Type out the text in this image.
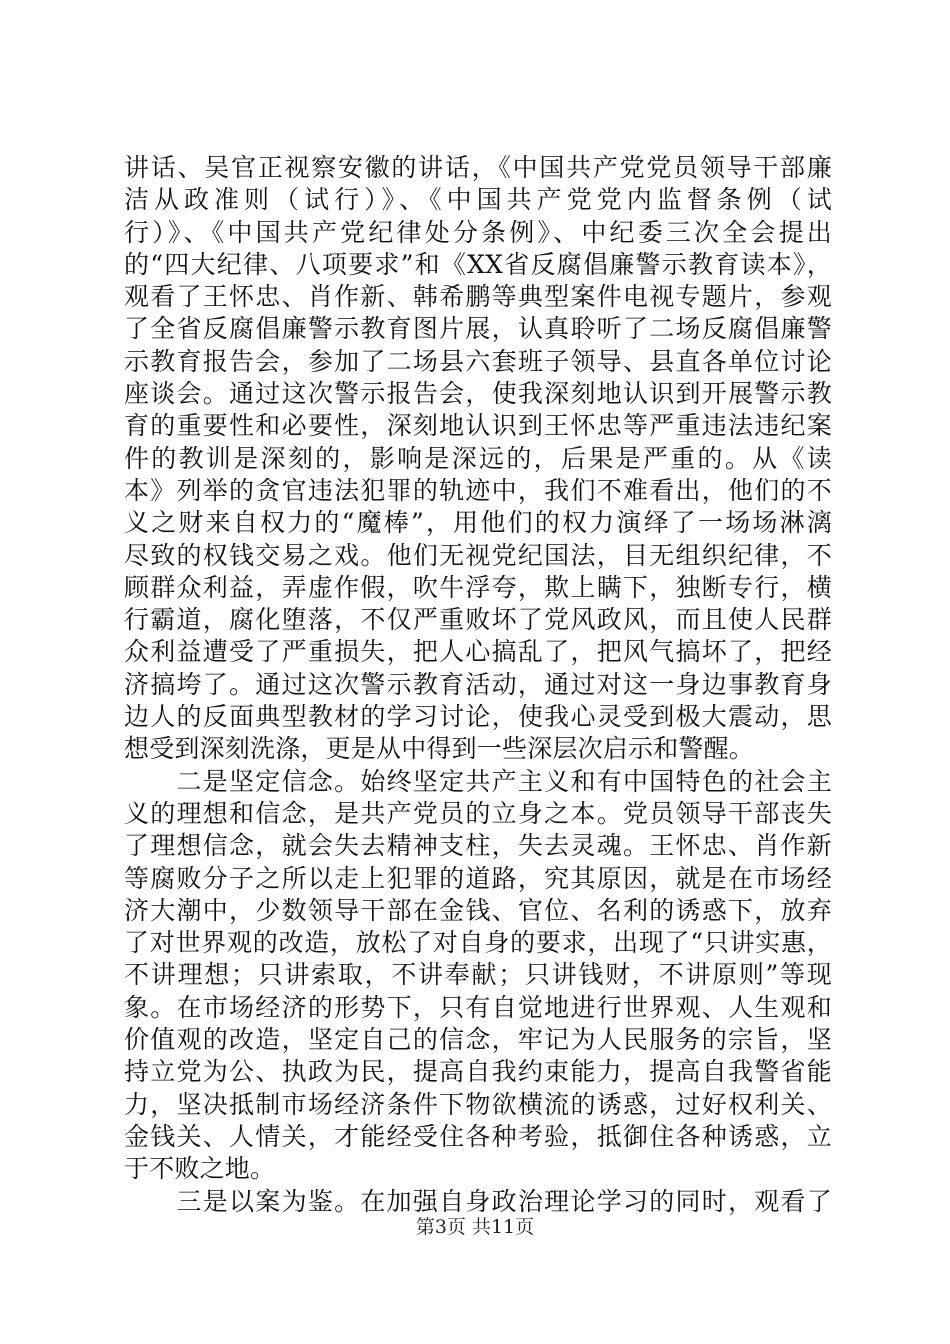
讲话、吴官正视察安徽的讲话，《中国共产党党员领导干部廉
洁从政准则（试行）》、《中国共产党党内监督条例（试
行）》、《中国共产党纪律处分条例》、中纪委三次全会提出
的“四大纪律、八项要求”和《XX省反腐倡廉警示教育读本》，
观看了王怀忠、肖作新、韩希鹏等典型案件电视专题片，参观
了全省反腐倡廉警示教育图片展，认真聆听了二场反腐倡廉警
示教育报告会，参加了二场县六套班子领导、县直各单位讨论
座谈会。通过这次警示报告会，使我深刻地认识到开展警示教
育的重要性和必要性，深刻地认识到王怀忠等严重违法违纪案
件的教训是深刻的，影响是深远的，后果是严重的。从《读
本》列举的贪官违法犯罪的轨迹中，我们不难看出，他们的不
义之财来自权力的“魔棒”，用他们的权力演绎了一场场淋漓
尽致的权钱交易之戏。他们无视党纪国法，目无组织纪律，不
顾群众利益，弄虚作假，吹牛浮夸，欺上瞒下，独断专行，横
行霸道，腐化堕落，不仅严重败坏了党风政风，而且使人民群
众利益遭受了严重损失，把人心搞乱了，把风气搞坏了，把经
济搞垮了。通过这次警示教育活动，通过对这一身边事教育身
边人的反面典型教材的学习讨论，使我心灵受到极大震动，思
想受到深刻洗涤，更是从中得到一些深层次启示和警醒。
　　二是坚定信念。始终坚定共产主义和有中国特色的社会主
义的理想和信念，是共产党员的立身之本。党员领导干部丧失
了理想信念，就会失去精神支柱，失去灵魂。王怀忠、肖作新
等腐败分子之所以走上犯罪的道路，究其原因，就是在市场经
济大潮中，少数领导干部在金钱、官位、名利的诱惑下，放弃
了对世界观的改造，放松了对自身的要求，出现了“只讲实惠，
不讲理想；只讲索取，不讲奉献；只讲钱财，不讲原则”等现
象。在市场经济的形势下，只有自觉地进行世界观、人生观和
价值观的改造，坚定自己的信念，牢记为人民服务的宗旨，坚
持立党为公、执政为民，提高自我约束能力，提高自我警省能
力，坚决抵制市场经济条件下物欲横流的诱惑，过好权利关、
金钱关、人情关，才能经受住各种考验，抵御住各种诱惑，立
于不败之地。
　　三是以案为鉴。在加强自身政治理论学习的同时，观看了
第3页 共11页
